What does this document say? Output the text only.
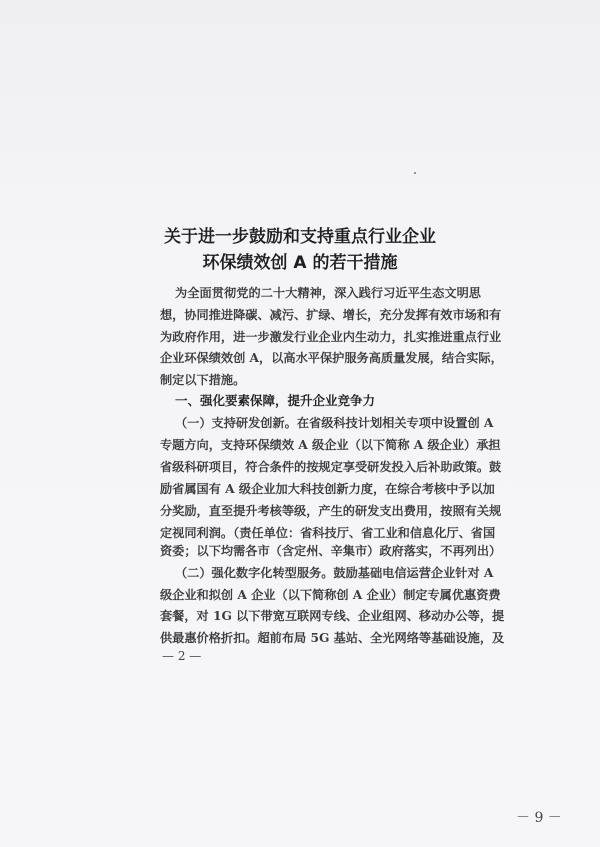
关于进一步鼓励和支持重点行业企业
环保绩效创 A 的若干措施
为全面贯彻党的二十大精神，深入践行习近平生态文明思
想，协同推进降碳、减污、扩绿、增长，充分发挥有效市场和有
为政府作用，进一步激发行业企业内生动力，扎实推进重点行业
企业环保绩效创 A，以高水平保护服务高质量发展，结合实际，
制定以下措施。
一、强化要素保障，提升企业竞争力
（一）支持研发创新。在省级科技计划相关专项中设置创 A
专题方向，支持环保绩效 A 级企业（以下简称 A 级企业）承担
省级科研项目，符合条件的按规定享受研发投入后补助政策。鼓
励省属国有 A 级企业加大科技创新力度，在综合考核中予以加
分奖励，直至提升考核等级，产生的研发支出费用，按照有关规
定视同利润。（责任单位：省科技厅、省工业和信息化厅、省国
资委；以下均需各市（含定州、辛集市）政府落实，不再列出）
（二）强化数字化转型服务。鼓励基础电信运营企业针对 A
级企业和拟创 A 企业（以下简称创 A 企业）制定专属优惠资费
套餐，对 1G 以下带宽互联网专线、企业组网、移动办公等，提
供最惠价格折扣。超前布局 5G 基站、全光网络等基础设施，及
— 2 —
－ 9 －
